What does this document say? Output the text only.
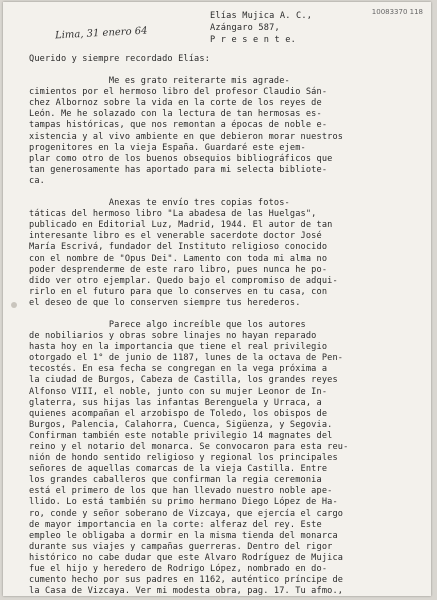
10083370 118
Elías Mujica A. C.,
Azángaro 587,
P r e s e n t e.
Lima, 31 enero 64
Querido y siempre recordado Elías:
Me es grato reiterarte mis agrade-
cimientos por el hermoso libro del profesor Claudio Sán-
chez Albornoz sobre la vida en la corte de los reyes de
León. Me he solazado con la lectura de tan hermosas es-
tampas históricas, que nos remontan a épocas de noble e-
xistencia y al vivo ambiente en que debieron morar nuestros
progenitores en la vieja España. Guardaré este ejem-
plar como otro de los buenos obsequios bibliográficos que
tan generosamente has aportado para mi selecta bibliote-
ca.
Anexas te envío tres copias fotos-
táticas del hermoso libro "La abadesa de las Huelgas",
publicado en Editorial Luz, Madrid, 1944. El autor de tan
interesante libro es el venerable sacerdote doctor José
María Escrivá, fundador del Instituto religioso conocido
con el nombre de "Opus Dei". Lamento con toda mi alma no
poder desprenderme de este raro libro, pues nunca he po-
dido ver otro ejemplar. Quedo bajo el compromiso de adqui-
rirlo en el futuro para que lo conserves en tu casa, con
el deseo de que lo conserven siempre tus herederos.
Parece algo increíble que los autores
de nobiliarios y obras sobre linajes no hayan reparado
hasta hoy en la importancia que tiene el real privilegio
otorgado el 1° de junio de 1187, lunes de la octava de Pen-
tecostés. En esa fecha se congregan en la vega próxima a
la ciudad de Burgos, Cabeza de Castilla, los grandes reyes
Alfonso VIII, el noble, junto con su mujer Leonor de In-
glaterra, sus hijas las infantas Berenguela y Urraca, a
quienes acompañan el arzobispo de Toledo, los obispos de
Burgos, Palencia, Calahorra, Cuenca, Sigüenza, y Segovia.
Confirman también este notable privilegio 14 magnates del
reino y el notario del monarca. Se convocaron para esta reu-
nión de hondo sentido religioso y regional los principales
señores de aquellas comarcas de la vieja Castilla. Entre
los grandes caballeros que confirman la regia ceremonia
está el primero de los que han llevado nuestro noble ape-
llido. Lo está también su primo hermano Diego López de Ha-
ro, conde y señor soberano de Vizcaya, que ejercía el cargo
de mayor importancia en la corte: alferaz del rey. Este
empleo le obligaba a dormir en la misma tienda del monarca
durante sus viajes y campañas guerreras. Dentro del rigor
histórico no cabe dudar que este Alvaro Rodríguez de Mujica
fue el hijo y heredero de Rodrigo López, nombrado en do-
cumento hecho por sus padres en 1162, auténtico príncipe de
la Casa de Vizcaya. Ver mi modesta obra, pag. 17. Tu afmo.,
